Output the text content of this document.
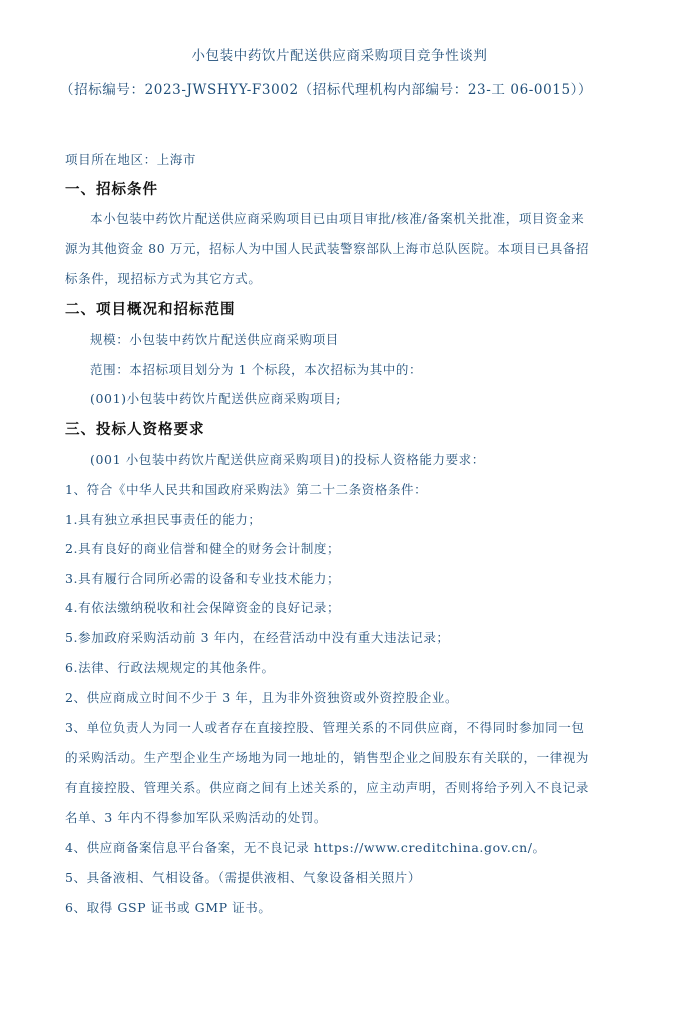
小包装中药饮片配送供应商采购项目竞争性谈判
（招标编号：2023-JWSHYY-F3002（招标代理机构内部编号：23-工 06-0015））
项目所在地区：上海市
一、招标条件
本小包装中药饮片配送供应商采购项目已由项目审批/核准/备案机关批准，项目资金来
源为其他资金 80 万元，招标人为中国人民武装警察部队上海市总队医院。本项目已具备招
标条件，现招标方式为其它方式。
二、项目概况和招标范围
规模：小包装中药饮片配送供应商采购项目
范围：本招标项目划分为 1 个标段，本次招标为其中的：
(001)小包装中药饮片配送供应商采购项目;
三、投标人资格要求
(001 小包装中药饮片配送供应商采购项目)的投标人资格能力要求：
1、符合《中华人民共和国政府采购法》第二十二条资格条件：
1.具有独立承担民事责任的能力；
2.具有良好的商业信誉和健全的财务会计制度；
3.具有履行合同所必需的设备和专业技术能力；
4.有依法缴纳税收和社会保障资金的良好记录；
5.参加政府采购活动前 3 年内，在经营活动中没有重大违法记录；
6.法律、行政法规规定的其他条件。
2、供应商成立时间不少于 3 年，且为非外资独资或外资控股企业。
3、单位负责人为同一人或者存在直接控股、管理关系的不同供应商，不得同时参加同一包
的采购活动。生产型企业生产场地为同一地址的，销售型企业之间股东有关联的，一律视为
有直接控股、管理关系。供应商之间有上述关系的，应主动声明，否则将给予列入不良记录
名单、3 年内不得参加军队采购活动的处罚。
4、供应商备案信息平台备案，无不良记录 https://www.creditchina.gov.cn/。
5、具备液相、气相设备。（需提供液相、气象设备相关照片）
6、取得 GSP 证书或 GMP 证书。
